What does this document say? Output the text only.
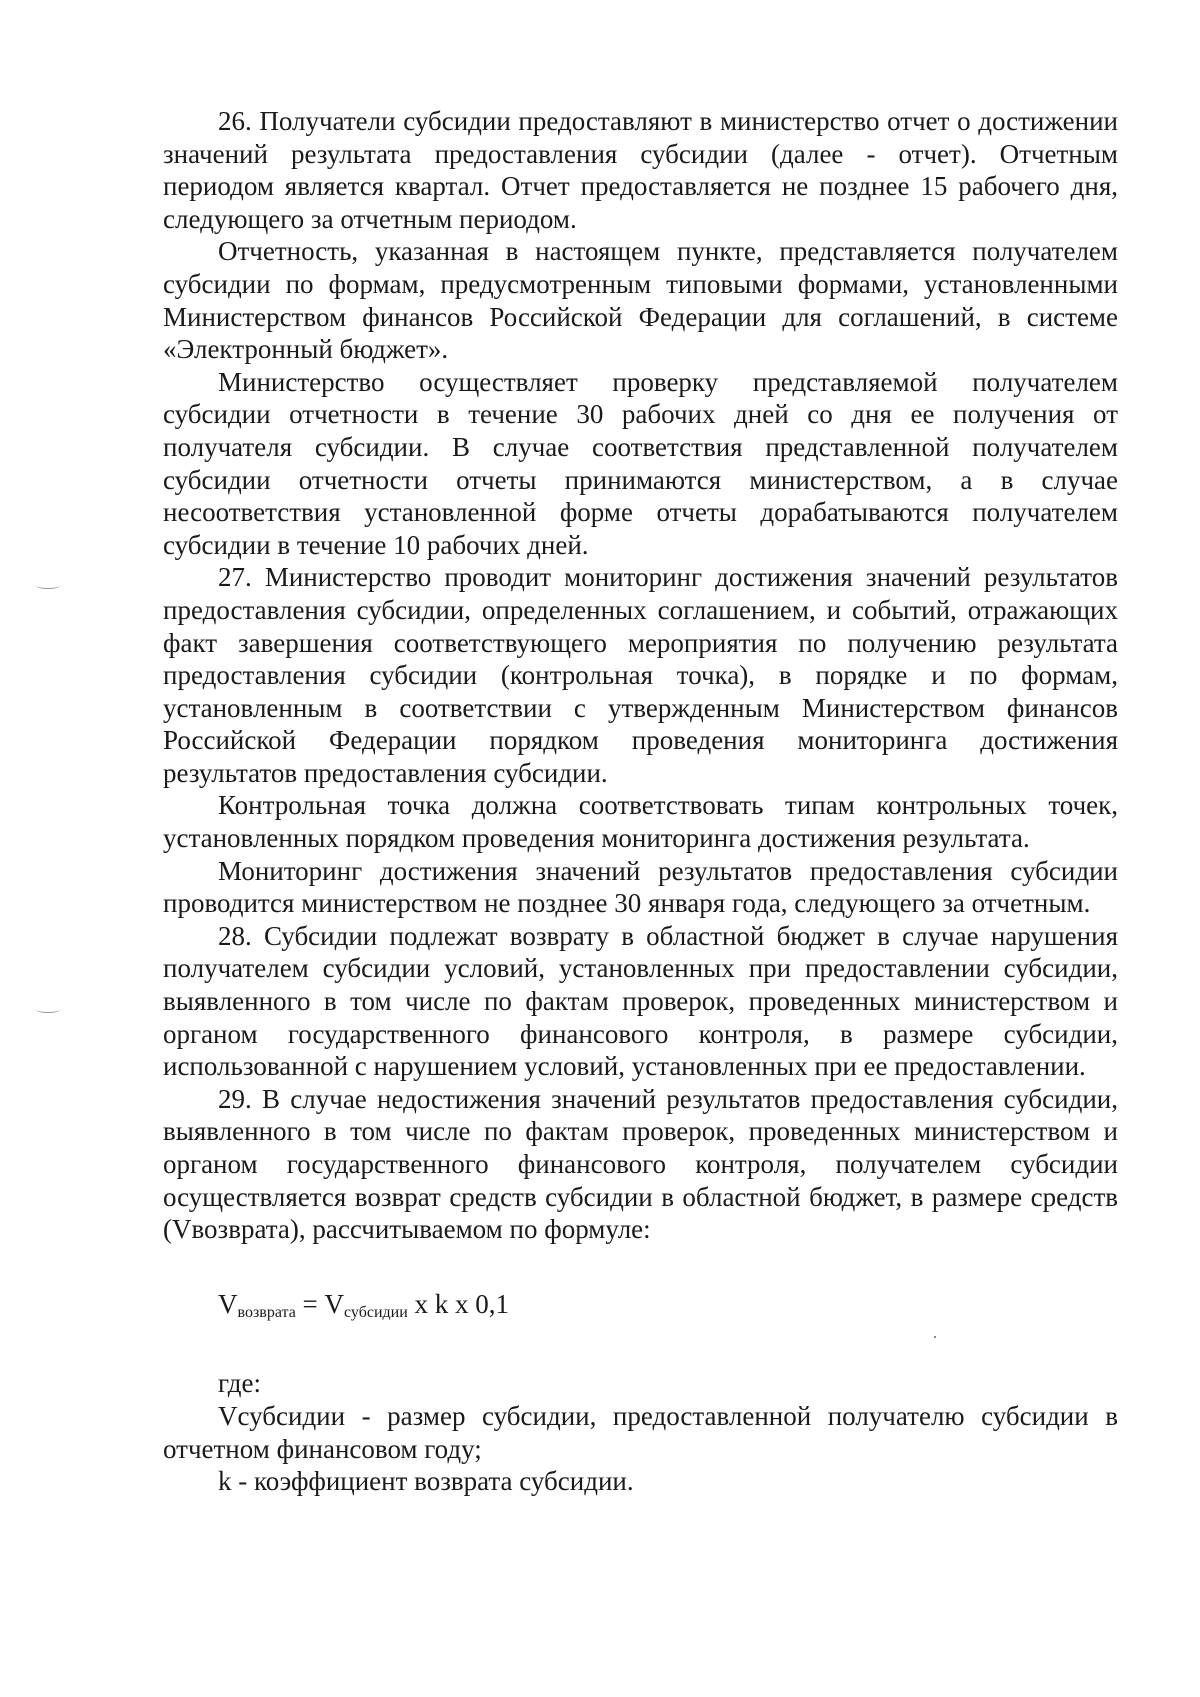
26. Получатели субсидии предоставляют в министерство отчет о достижении значений результата предоставления субсидии (далее - отчет). Отчетным периодом является квартал. Отчет предоставляется не позднее 15 рабочего дня, следующего за отчетным периодом.

Отчетность, указанная в настоящем пункте, представляется получателем субсидии по формам, предусмотренным типовыми формами, установленными Министерством финансов Российской Федерации для соглашений, в системе «Электронный бюджет».

Министерство осуществляет проверку представляемой получателем субсидии отчетности в течение 30 рабочих дней со дня ее получения от получателя субсидии. В случае соответствия представленной получателем субсидии отчетности отчеты принимаются министерством, а в случае несоответствия установленной форме отчеты дорабатываются получателем субсидии в течение 10 рабочих дней.

27. Министерство проводит мониторинг достижения значений результатов предоставления субсидии, определенных соглашением, и событий, отражающих факт завершения соответствующего мероприятия по получению результата предоставления субсидии (контрольная точка), в порядке и по формам, установленным в соответствии с утвержденным Министерством финансов Российской Федерации порядком проведения мониторинга достижения результатов предоставления субсидии.

Контрольная точка должна соответствовать типам контрольных точек, установленных порядком проведения мониторинга достижения результата.

Мониторинг достижения значений результатов предоставления субсидии проводится министерством не позднее 30 января года, следующего за отчетным.

28. Субсидии подлежат возврату в областной бюджет в случае нарушения получателем субсидии условий, установленных при предоставлении субсидии, выявленного в том числе по фактам проверок, проведенных министерством и органом государственного финансового контроля, в размере субсидии, использованной с нарушением условий, установленных при ее предоставлении.

29. В случае недостижения значений результатов предоставления субсидии, выявленного в том числе по фактам проверок, проведенных министерством и органом государственного финансового контроля, получателем субсидии осуществляется возврат средств субсидии в областной бюджет, в размере средств (Vвозврата), рассчитываемом по формуле:

$V_{возврата} = V_{субсидии}$ x k x 0,1

где:

Vсубсидии - размер субсидии, предоставленной получателю субсидии в отчетном финансовом году;

k - коэффициент возврата субсидии.
